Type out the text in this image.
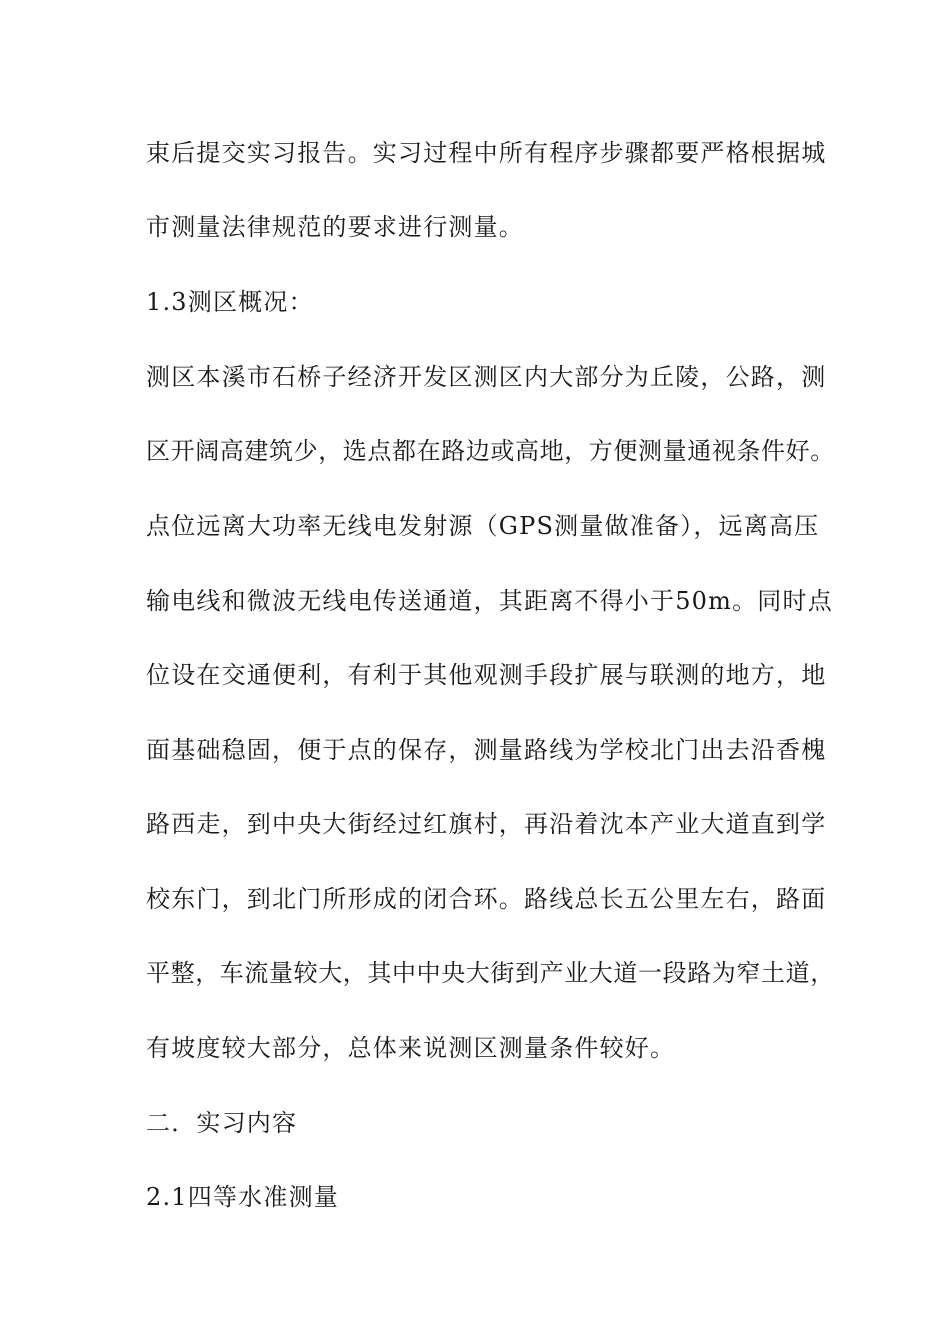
束后提交实习报告。实习过程中所有程序步骤都要严格根据城
市测量法律规范的要求进行测量。
1.3测区概况：
测区本溪市石桥子经济开发区测区内大部分为丘陵，公路，测
区开阔高建筑少，选点都在路边或高地，方便测量通视条件好。
点位远离大功率无线电发射源（GPS测量做准备），远离高压
输电线和微波无线电传送通道，其距离不得小于50m。同时点
位设在交通便利，有利于其他观测手段扩展与联测的地方，地
面基础稳固，便于点的保存，测量路线为学校北门出去沿香槐
路西走，到中央大街经过红旗村，再沿着沈本产业大道直到学
校东门，到北门所形成的闭合环。路线总长五公里左右，路面
平整，车流量较大，其中中央大街到产业大道一段路为窄土道，
有坡度较大部分，总体来说测区测量条件较好。
二．实习内容
2.1四等水准测量
